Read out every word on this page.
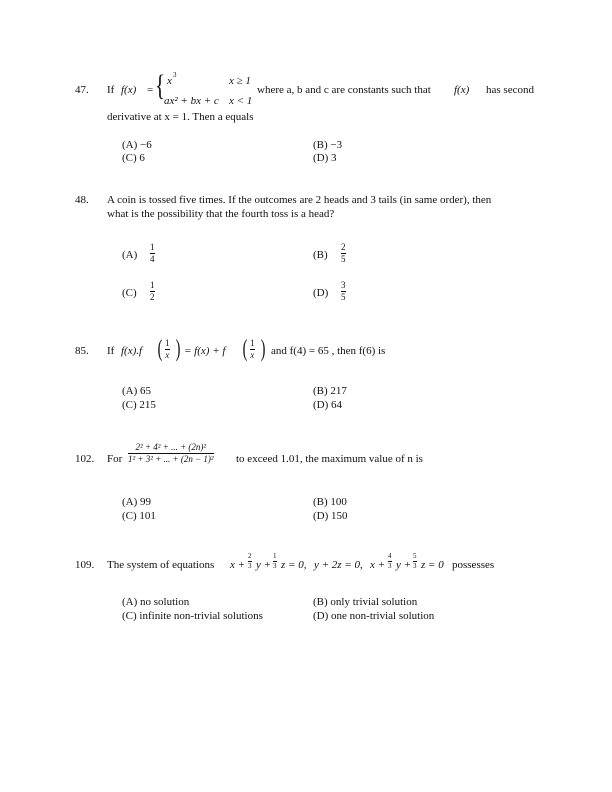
47. If f(x) = { x 3	x ≥ 1
ax² + bx + c x < 1
where a, b and c are constants such that f(x) has second
derivative at x = 1. Then a equals
(A) −6	(B) −3
(C) 6	(D) 3
48. A coin is tossed five times. If the outcomes are 2 heads and 3 tails (in same order), then
what is the possibility that the fourth toss is a head?
(A)
1
4	(B)
2
5
(C)
1
2	(D)
3
5
85. If f(x).f ( 1
x ) = f(x) + f ( 1
x ) and f(4) = 65 , then f(6) is
(A) 65	(B) 217
(C) 215	(D) 64
102. For
2² + 4² + ... + (2n)²
1² + 3² + ... + (2n − 1)² to exceed 1.01, the maximum value of n is
(A) 99	(B) 100
(C) 101	(D) 150
109. The system of equations x +
2
3 y +
1
3 z = 0, y + 2z = 0, x +
4
3 y +
5
3 z = 0 possesses
(A) no solution	(B) only trivial solution
(C) infinite non-trivial solutions	(D) one non-trivial solution
